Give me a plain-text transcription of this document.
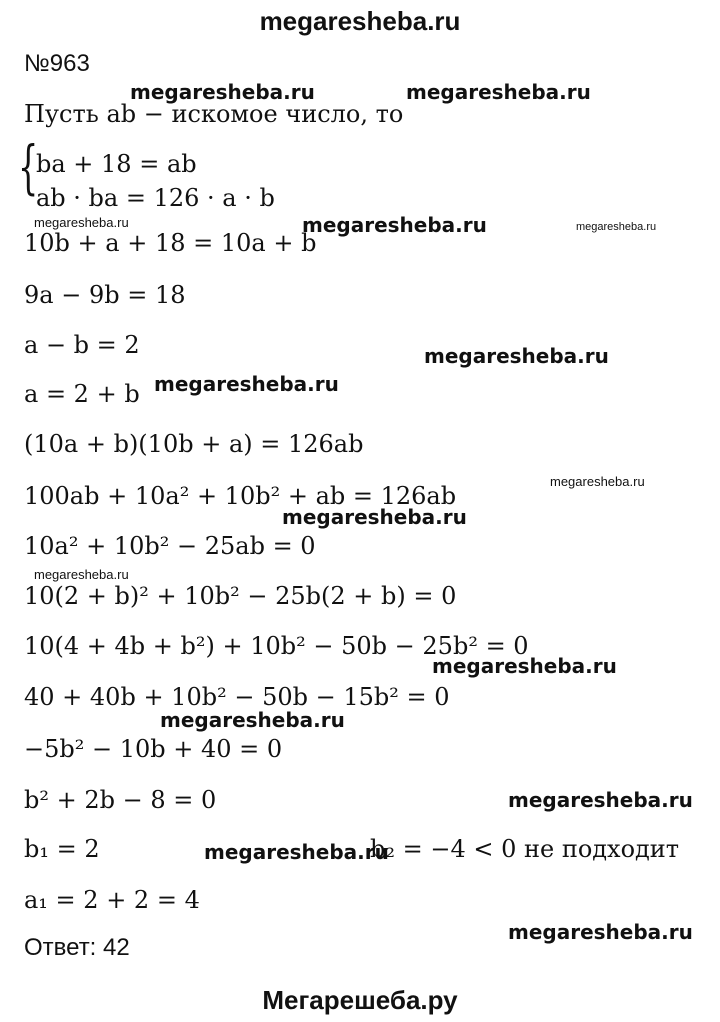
megaresheba.ru
№963
megaresheba.ru	megaresheba.ru
Пусть ab − искомое число, то
{
ba + 18 = ab
ab · ba = 126 · a · b
megaresheba.ru	megaresheba.ru	megaresheba.ru
10b + a + 18 = 10a + b
9a − 9b = 18
a − b = 2	megaresheba.ru
megaresheba.ru
a = 2 + b
(10a + b)(10b + a) = 126ab
megaresheba.ru
100ab + 10a² + 10b² + ab = 126ab
megaresheba.ru
10a² + 10b² − 25ab = 0
megaresheba.ru
10(2 + b)² + 10b² − 25b(2 + b) = 0
10(4 + 4b + b²) + 10b² − 50b − 25b² = 0
megaresheba.ru
40 + 40b + 10b² − 50b − 15b² = 0
megaresheba.ru
−5b² − 10b + 40 = 0
b² + 2b − 8 = 0	megaresheba.ru
b₁ = 2	megaresheba.ru
b₂ = −4 < 0 не подходит
a₁ = 2 + 2 = 4
megaresheba.ru
Ответ: 42
Мегарешеба.ру
